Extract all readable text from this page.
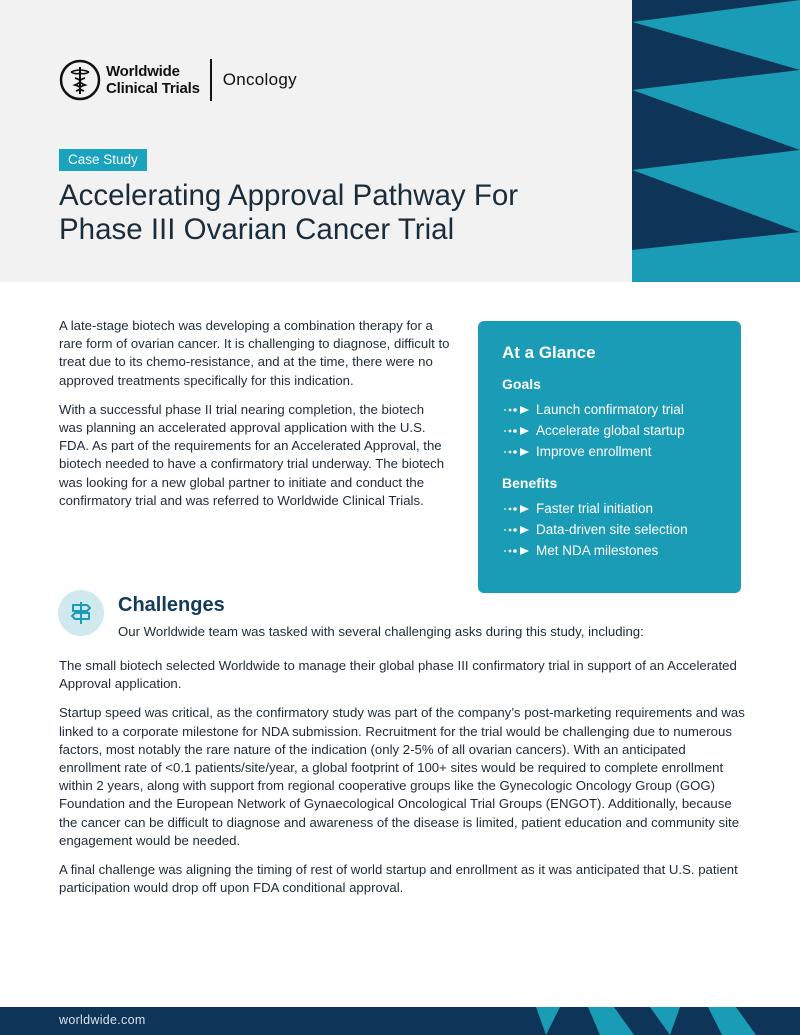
Worldwide
Clinical Trials Oncology
Case Study
Accelerating Approval Pathway For
Phase III Ovarian Cancer Trial

A late-stage biotech was developing a combination therapy for a rare form of ovarian cancer. It is challenging to diagnose, difficult to treat due to its chemo-resistance, and at the time, there were no approved treatments specifically for this indication.

With a successful phase II trial nearing completion, the biotech was planning an accelerated approval application with the U.S. FDA. As part of the requirements for an Accelerated Approval, the biotech needed to have a confirmatory trial underway. The biotech was looking for a new global partner to initiate and conduct the confirmatory trial and was referred to Worldwide Clinical Trials.

At a Glance
Goals
Launch confirmatory trial
Accelerate global startup
Improve enrollment
Benefits
Faster trial initiation
Data-driven site selection
Met NDA milestones
Challenges

Our Worldwide team was tasked with several challenging asks during this study, including:

The small biotech selected Worldwide to manage their global phase III confirmatory trial in support of an Accelerated Approval application.

Startup speed was critical, as the confirmatory study was part of the company’s post-marketing requirements and was linked to a corporate milestone for NDA submission. Recruitment for the trial would be challenging due to numerous factors, most notably the rare nature of the indication (only 2-5% of all ovarian cancers). With an anticipated enrollment rate of <0.1 patients/site/year, a global footprint of 100+ sites would be required to complete enrollment within 2 years, along with support from regional cooperative groups like the Gynecologic Oncology Group (GOG) Foundation and the European Network of Gynaecological Oncological Trial Groups (ENGOT). Additionally, because the cancer can be difficult to diagnose and awareness of the disease is limited, patient education and community site engagement would be needed.

A final challenge was aligning the timing of rest of world startup and enrollment as it was anticipated that U.S. patient participation would drop off upon FDA conditional approval.

worldwide.com
